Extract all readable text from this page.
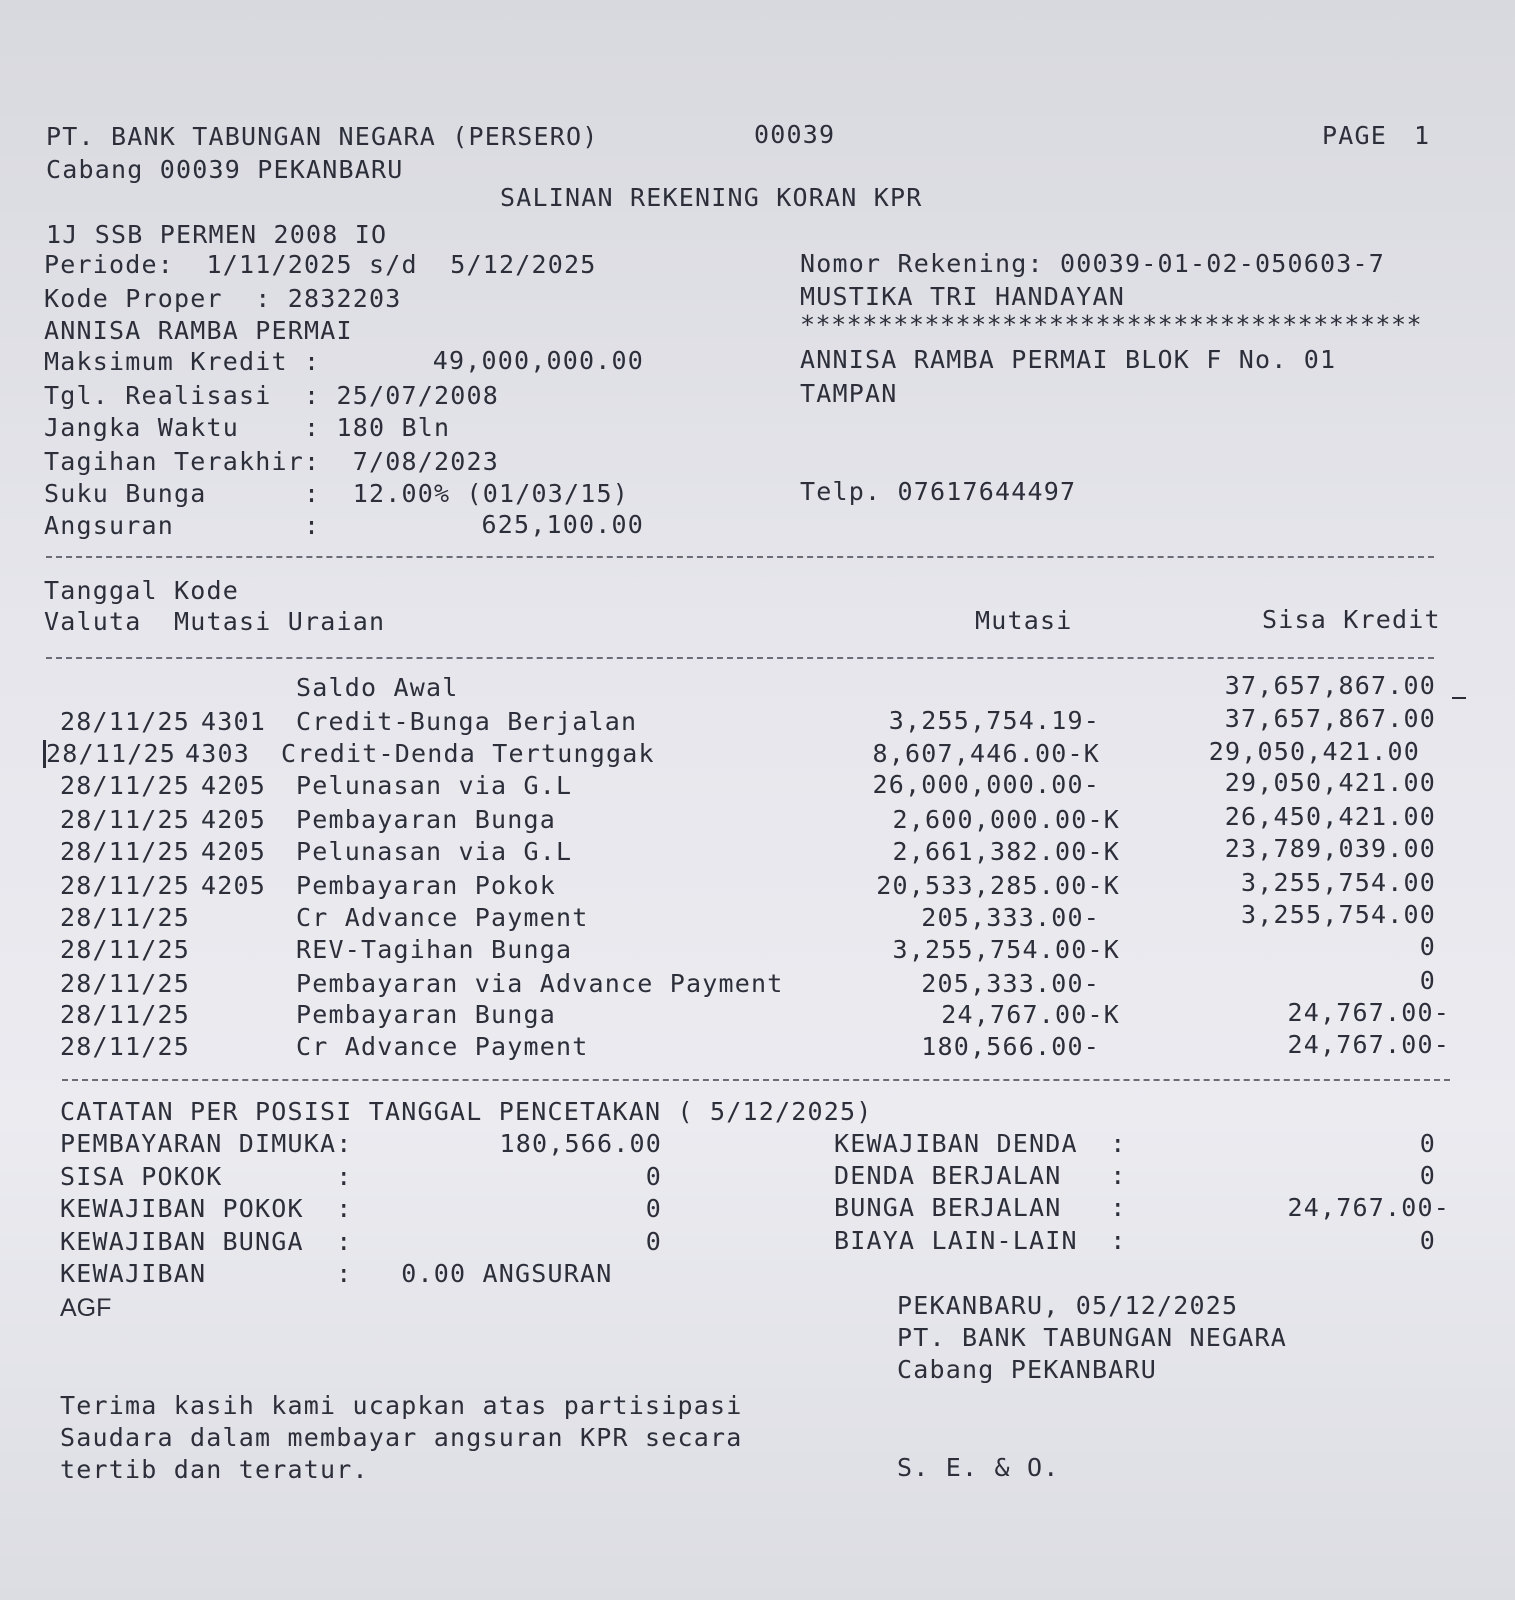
PT. BANK TABUNGAN NEGARA (PERSERO)	00039	PAGE 1
Cabang 00039 PEKANBARU
SALINAN REKENING KORAN KPR
1J SSB PERMEN 2008 IO
Periode:  1/11/2025 s/d  5/12/2025	Nomor Rekening: 00039-01-02-050603-7
Kode Proper  : 2832203	MUSTIKA TRI HANDAYAN
ANNISA RAMBA PERMAI	****************************************
Maksimum Kredit :	49,000,000.00	ANNISA RAMBA PERMAI BLOK F No. 01
Tgl. Realisasi  : 25/07/2008	TAMPAN
Jangka Waktu    : 180 Bln
Tagihan Terakhir:  7/08/2023
Suku Bunga      :  12.00% (01/03/15)	Telp. 07617644497
Angsuran        :	625,100.00
Tanggal Kode
Valuta  Mutasi Uraian	Mutasi	Sisa Kredit
Saldo Awal	37,657,867.00
28/11/25 4301 Credit-Bunga Berjalan	3,255,754.19-	37,657,867.00
28/11/25 4303 Credit-Denda Tertunggak	8,607,446.00-K	29,050,421.00
28/11/25 4205 Pelunasan via G.L	26,000,000.00-	29,050,421.00
28/11/25 4205 Pembayaran Bunga	2,600,000.00-K	26,450,421.00
28/11/25 4205 Pelunasan via G.L	2,661,382.00-K	23,789,039.00
28/11/25 4205 Pembayaran Pokok	20,533,285.00-K	3,255,754.00
28/11/25	Cr Advance Payment	205,333.00-	3,255,754.00
28/11/25	REV-Tagihan Bunga	3,255,754.00-K	0
28/11/25	Pembayaran via Advance Payment	205,333.00-	0
28/11/25	Pembayaran Bunga	24,767.00-K	24,767.00-
28/11/25	Cr Advance Payment	180,566.00-	24,767.00-
CATATAN PER POSISI TANGGAL PENCETAKAN ( 5/12/2025)
PEMBAYARAN DIMUKA:	180,566.00	KEWAJIBAN DENDA  :	0
SISA POKOK       :	0	DENDA BERJALAN   :	0
KEWAJIBAN POKOK  :	0	BUNGA BERJALAN   :	24,767.00-
KEWAJIBAN BUNGA  :	0	BIAYA LAIN-LAIN  :	0
KEWAJIBAN        :   0.00 ANGSURAN
AGF	PEKANBARU, 05/12/2025
PT. BANK TABUNGAN NEGARA
Cabang PEKANBARU
Terima kasih kami ucapkan atas partisipasi
Saudara dalam membayar angsuran KPR secara
tertib dan teratur.	S. E. & O.
